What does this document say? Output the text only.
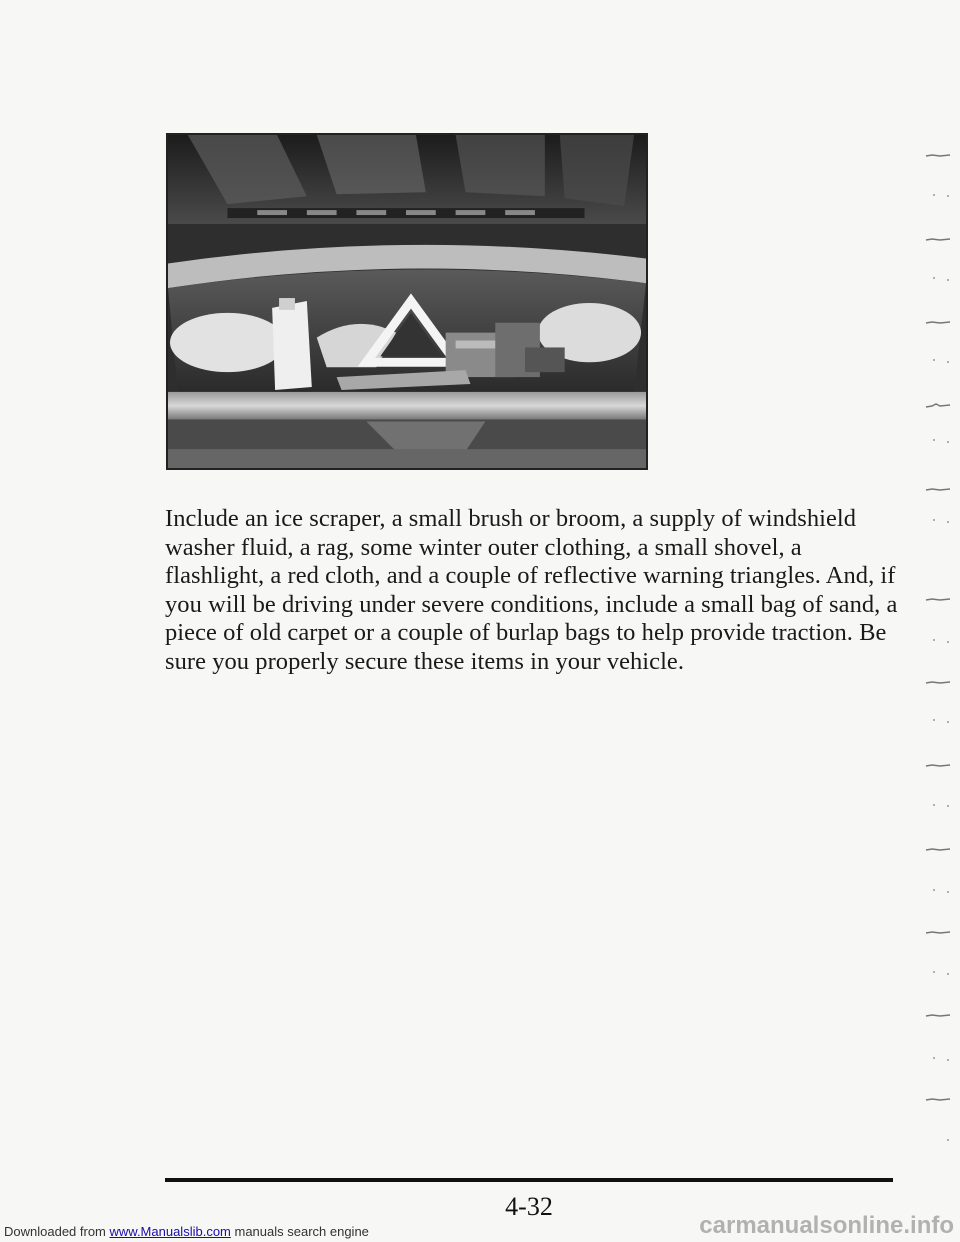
Include an ice scraper, a small brush or broom, a supply of windshield
washer fluid, a rag, some winter outer clothing, a small shovel, a
flashlight, a red cloth, and a couple of reflective warning triangles. And, if
you will be driving under severe conditions, include a small bag of sand, a
piece of old carpet or a couple of burlap bags to help provide traction. Be
sure you properly secure these items in your vehicle.

4-32
Downloaded from www.Manualslib.com manuals search engine	carmanualsonline.info
